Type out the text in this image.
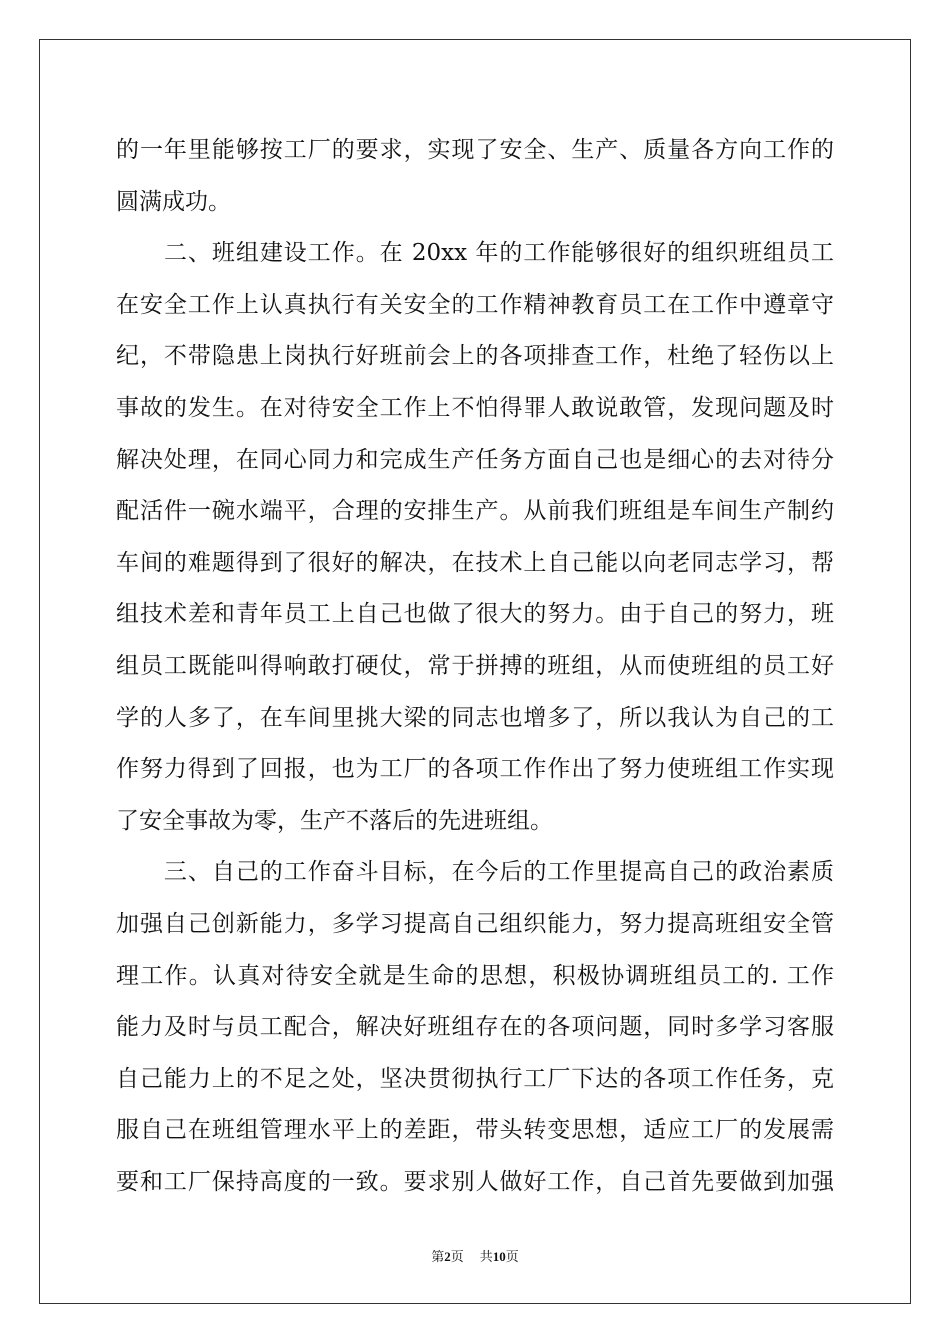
的一年里能够按工厂的要求，实现了安全、生产、质量各方向工作的
圆满成功。
　　二、班组建设工作。在 20xx 年的工作能够很好的组织班组员工
在安全工作上认真执行有关安全的工作精神教育员工在工作中遵章守
纪，不带隐患上岗执行好班前会上的各项排查工作，杜绝了轻伤以上
事故的发生。在对待安全工作上不怕得罪人敢说敢管，发现问题及时
解决处理，在同心同力和完成生产任务方面自己也是细心的去对待分
配活件一碗水端平，合理的安排生产。从前我们班组是车间生产制约
车间的难题得到了很好的解决，在技术上自己能以向老同志学习，帮
组技术差和青年员工上自己也做了很大的努力。由于自己的努力，班
组员工既能叫得响敢打硬仗，常于拼搏的班组，从而使班组的员工好
学的人多了，在车间里挑大梁的同志也增多了，所以我认为自己的工
作努力得到了回报，也为工厂的各项工作作出了努力使班组工作实现
了安全事故为零，生产不落后的先进班组。
　　三、自己的工作奋斗目标，在今后的工作里提高自己的政治素质
加强自己创新能力，多学习提高自己组织能力，努力提高班组安全管
理工作。认真对待安全就是生命的思想，积极协调班组员工的. 工作
能力及时与员工配合，解决好班组存在的各项问题，同时多学习客服
自己能力上的不足之处，坚决贯彻执行工厂下达的各项工作任务，克
服自己在班组管理水平上的差距，带头转变思想，适应工厂的发展需
要和工厂保持高度的一致。要求别人做好工作，自己首先要做到加强
第2页 共10页
